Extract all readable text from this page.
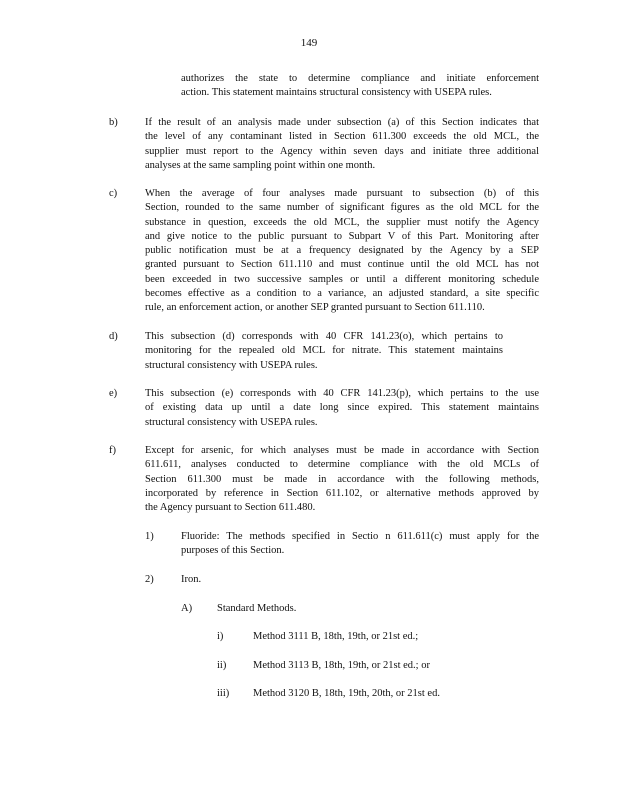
149
authorizes the state to determine compliance and initiate enforcement
action. This statement maintains structural consistency with USEPA rules.
b)	If the result of an analysis made under subsection (a) of this Section indicates that
the level of any contaminant listed in Section 611.300 exceeds the old MCL, the
supplier must report to the Agency within seven days and initiate three additional
analyses at the same sampling point within one month.
c)	When the average of four analyses made pursuant to subsection (b) of this
Section, rounded to the same number of significant figures as the old MCL for the
substance in question, exceeds the old MCL, the supplier must notify the Agency
and give notice to the public pursuant to Subpart V of this Part. Monitoring after
public notification must be at a frequency designated by the Agency by a SEP
granted pursuant to Section 611.110 and must continue until the old MCL has not
been exceeded in two successive samples or until a different monitoring schedule
becomes effective as a condition to a variance, an adjusted standard, a site specific
rule, an enforcement action, or another SEP granted pursuant to Section 611.110.
d)	This subsection (d) corresponds with 40 CFR 141.23(o), which pertains to
monitoring for the repealed old MCL for nitrate. This statement maintains
structural consistency with USEPA rules.
e)	This subsection (e) corresponds with 40 CFR 141.23(p), which pertains to the use
of existing data up until a date long since expired. This statement maintains
structural consistency with USEPA rules.
f)	Except for arsenic, for which analyses must be made in accordance with Section
611.611, analyses conducted to determine compliance with the old MCLs of
Section 611.300 must be made in accordance with the following methods,
incorporated by reference in Section 611.102, or alternative methods approved by
the Agency pursuant to Section 611.480.
1)	Fluoride: The methods specified in Sectio n 611.611(c) must apply for the
purposes of this Section.
2)	Iron.
A) Standard Methods.
i)	Method 3111 B, 18th, 19th, or 21st ed.;
ii)	Method 3113 B, 18th, 19th, or 21st ed.; or
iii) Method 3120 B, 18th, 19th, 20th, or 21st ed.
